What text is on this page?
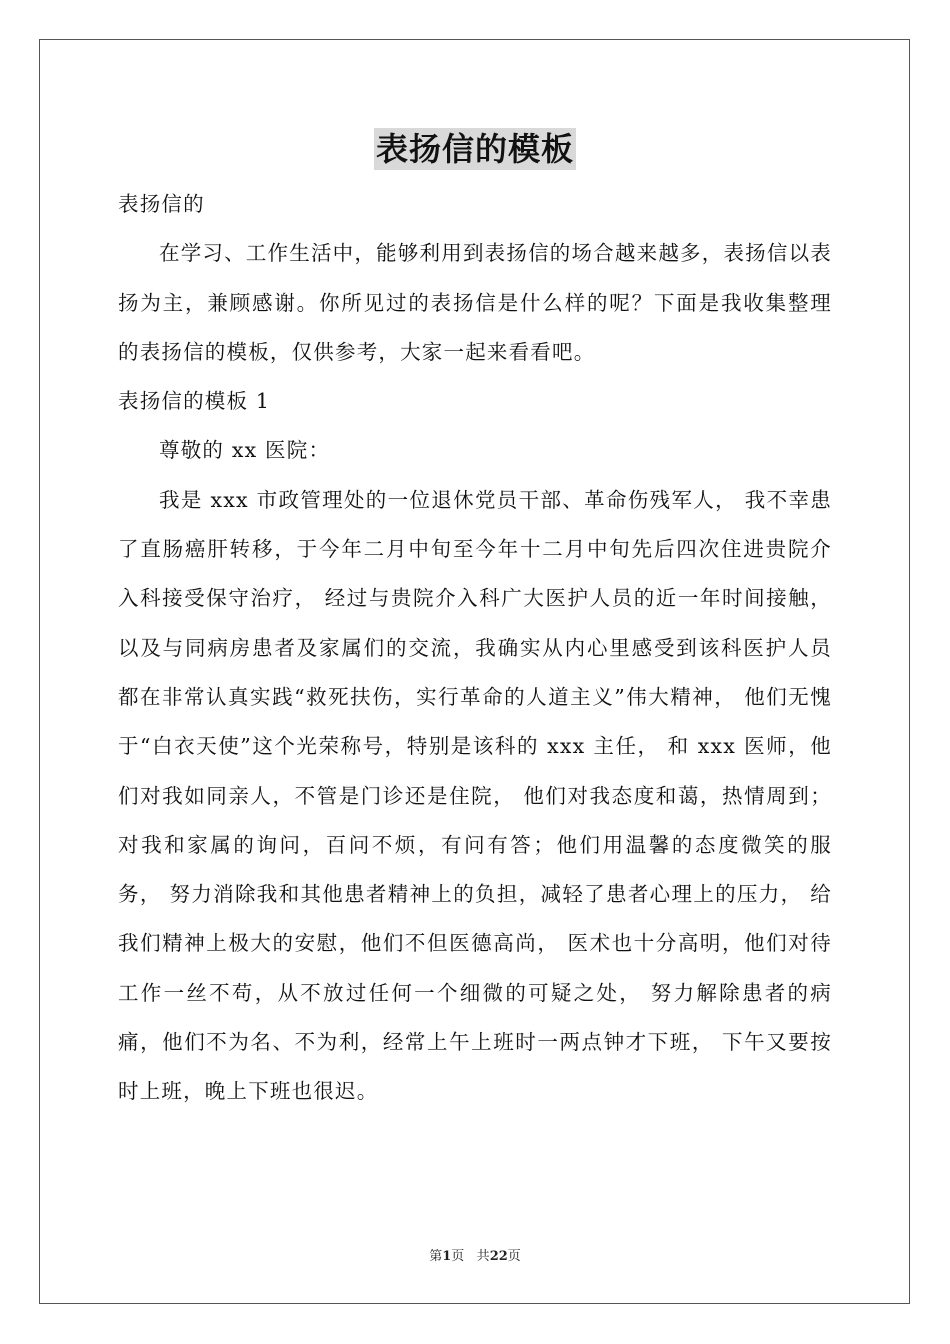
表扬信的模板

表扬信的

在学习、工作生活中，能够利用到表扬信的场合越来越多，表扬信以表扬为主，兼顾感谢。你所见过的表扬信是什么样的呢？下面是我收集整理的表扬信的模板，仅供参考，大家一起来看看吧。

表扬信的模板 1

尊敬的 xx 医院：

我是 xxx 市政管理处的一位退休党员干部、革命伤残军人， 我不幸患了直肠癌肝转移，于今年二月中旬至今年十二月中旬先后四次住进贵院介入科接受保守治疗， 经过与贵院介入科广大医护人员的近一年时间接触， 以及与同病房患者及家属们的交流，我确实从内心里感受到该科医护人员都在非常认真实践“救死扶伤，实行革命的人道主义”伟大精神， 他们无愧于“白衣天使”这个光荣称号，特别是该科的 xxx 主任， 和 xxx 医师，他们对我如同亲人，不管是门诊还是住院， 他们对我态度和蔼，热情周到；对我和家属的询问，百问不烦，有问有答；他们用温馨的态度微笑的服务， 努力消除我和其他患者精神上的负担，减轻了患者心理上的压力， 给我们精神上极大的安慰，他们不但医德高尚， 医术也十分高明，他们对待工作一丝不苟，从不放过任何一个细微的可疑之处， 努力解除患者的病痛，他们不为名、不为利，经常上午上班时一两点钟才下班， 下午又要按时上班，晚上下班也很迟。

第1页 共22页
